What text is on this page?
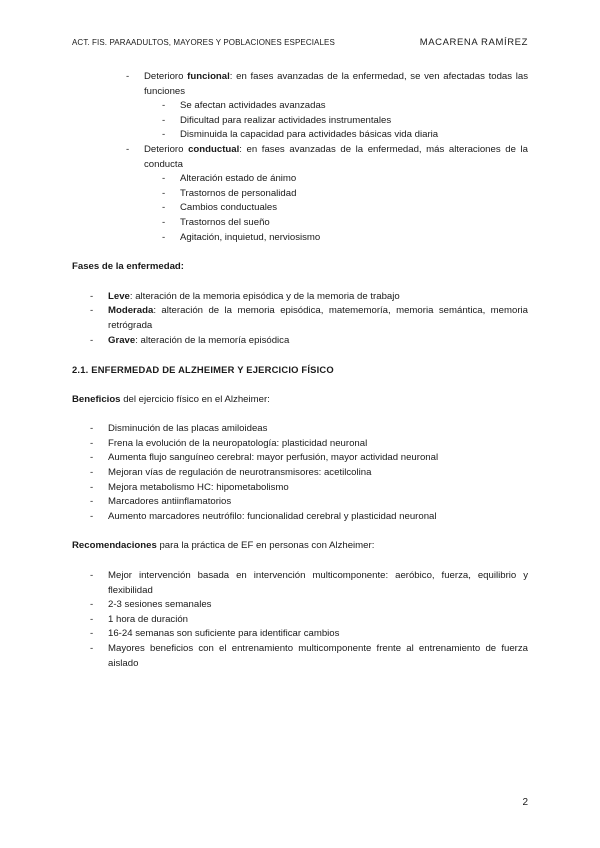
ACT. FIS. PARAADULTOS, MAYORES Y POBLACIONES ESPECIALES	MACARENA RAMÍREZ
- Deterioro funcional: en fases avanzadas de la enfermedad, se ven afectadas todas las funciones
- Se afectan actividades avanzadas
- Dificultad para realizar actividades instrumentales
- Disminuida la capacidad para actividades básicas vida diaria
- Deterioro conductual: en fases avanzadas de la enfermedad, más alteraciones de la conducta
- Alteración estado de ánimo
- Trastornos de personalidad
- Cambios conductuales
- Trastornos del sueño
- Agitación, inquietud, nerviosismo

Fases de la enfermedad:

- Leve: alteración de la memoria episódica y de la memoria de trabajo
- Moderada: alteración de la memoria episódica, matememoría, memoria semántica, memoria retrógrada
- Grave: alteración de la memoría episódica

2.1. ENFERMEDAD DE ALZHEIMER Y EJERCICIO FÍSICO

Beneficios del ejercicio físico en el Alzheimer:

- Disminución de las placas amiloideas
- Frena la evolución de la neuropatología: plasticidad neuronal
- Aumenta flujo sanguíneo cerebral: mayor perfusión, mayor actividad neuronal
- Mejoran vías de regulación de neurotransmisores: acetilcolina
- Mejora metabolismo HC: hipometabolismo
- Marcadores antiinflamatorios
- Aumento marcadores neutrófilo: funcionalidad cerebral y plasticidad neuronal

Recomendaciones para la práctica de EF en personas con Alzheimer:

- Mejor intervención basada en intervención multicomponente: aeróbico, fuerza, equilibrio y flexibilidad
- 2-3 sesiones semanales
- 1 hora de duración
- 16-24 semanas son suficiente para identificar cambios
- Mayores beneficios con el entrenamiento multicomponente frente al entrenamiento de fuerza aislado
2
